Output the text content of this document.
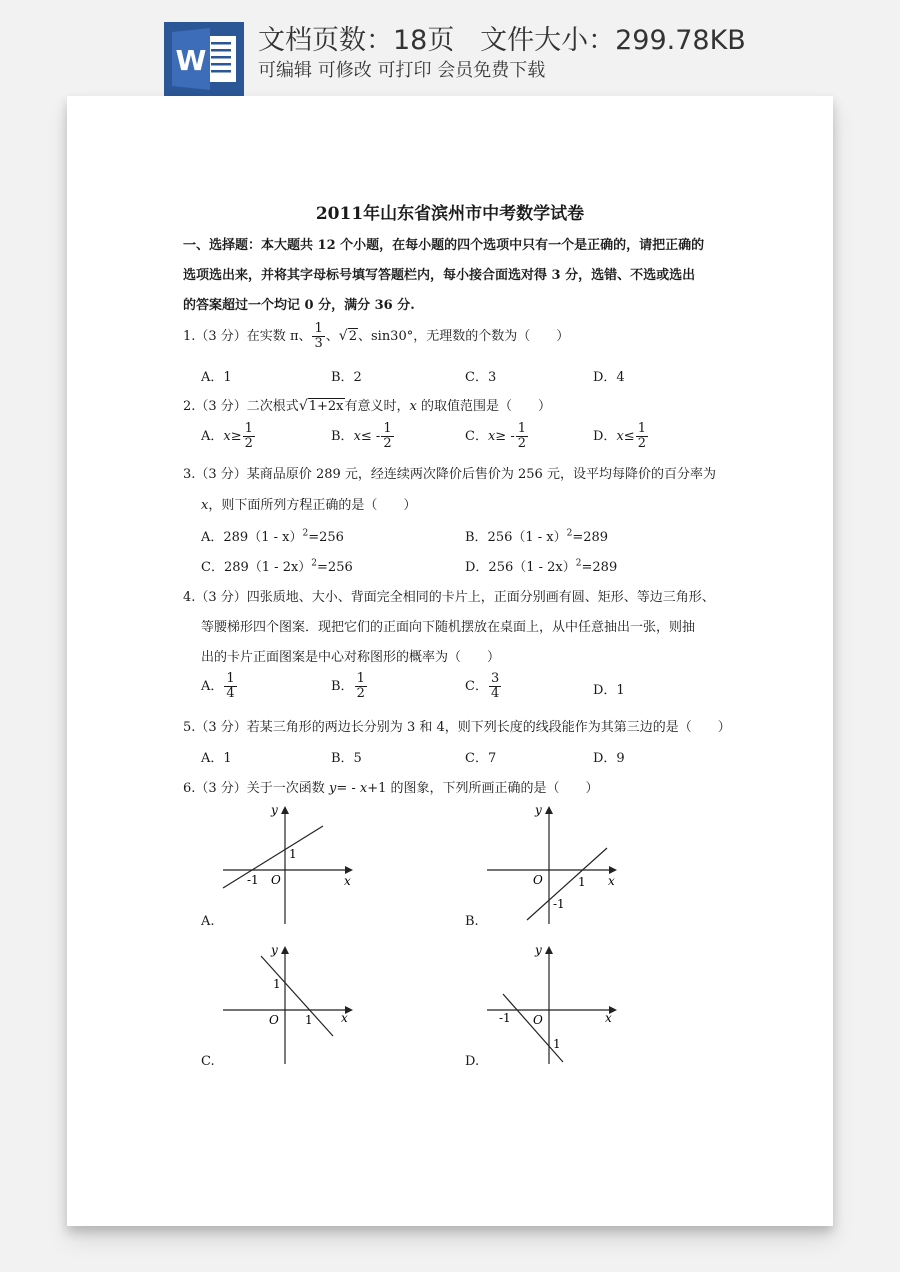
W
文档页数：18页 文件大小：299.78KB
可编辑 可修改 可打印 会员免费下载
2011年山东省滨州市中考数学试卷
一、选择题：本大题共 12 个小题，在每小题的四个选项中只有一个是正确的，请把正确的
选项选出来，并将其字母标号填写答题栏内，每小接合面选对得 3 分，选错、不选或选出
的答案超过一个均记 0 分，满分 36 分.
1.（3 分）在实数 π、 $\frac{1}{3}$ 、√2、sin30°，无理数的个数为（　　）
A．1	B．2	C．3	D．4
2.（3 分）二次根式√1+2x有意义时，x 的取值范围是（　　）
A．$x\ge \frac{1}{2}$	B．$x\le - \frac{1}{2}$	C．$x\ge - \frac{1}{2}$	D．$x\le \frac{1}{2}$
3.（3 分）某商品原价 289 元，经连续两次降价后售价为 256 元，设平均每降价的百分率为
x，则下面所列方程正确的是（　　）
A．289（1 - x）$^2$=256	B．256（1 - x）$^2$=289
C．289（1 - 2x）$^2$=256	D．256（1 - 2x）$^2$=289
4.（3 分）四张质地、大小、背面完全相同的卡片上，正面分别画有圆、矩形、等边三角形、
等腰梯形四个图案．现把它们的正面向下随机摆放在桌面上，从中任意抽出一张，则抽
出的卡片正面图案是中心对称图形的概率为（　　）
A． $\frac{1}{4}$	B． $\frac{1}{2}$	C． $\frac{3}{4}$	D．1
5.（3 分）若某三角形的两边长分别为 3 和 4，则下列长度的线段能作为其第三边的是（　　）
A．1	B．5	C．7	D．9
6.（3 分）关于一次函数 y= - x+1 的图象，下列所画正确的是（　　）
x
y
O
-1
1
A.
x
y
O	1
-1
B.
x
y
O
1
1
C.
x
y
O
-1
1
D.
